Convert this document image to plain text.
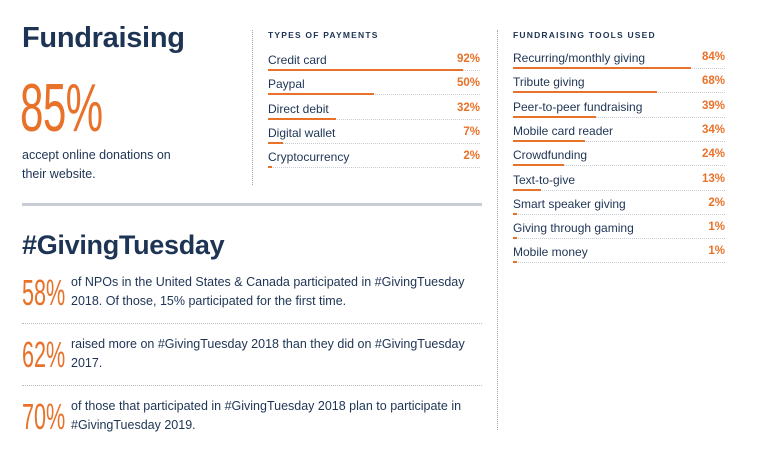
Fundraising
85%
accept online donations on their website.
TYPES OF PAYMENTS
Credit card	92%
Paypal	50%
Direct debit	32%
Digital wallet	7%
Cryptocurrency	2%
FUNDRAISING TOOLS USED
Recurring/monthly giving	84%
Tribute giving	68%
Peer-to-peer fundraising	39%
Mobile card reader	34%
Crowdfunding	24%
Text-to-give	13%
Smart speaker giving	2%
Giving through gaming	1%
Mobile money	1%
#GivingTuesday
58% of NPOs in the United States & Canada participated in #GivingTuesday 2018. Of those, 15% participated for the first time.
62% raised more on #GivingTuesday 2018 than they did on #GivingTuesday 2017.
70% of those that participated in #GivingTuesday 2018 plan to participate in #GivingTuesday 2019.
